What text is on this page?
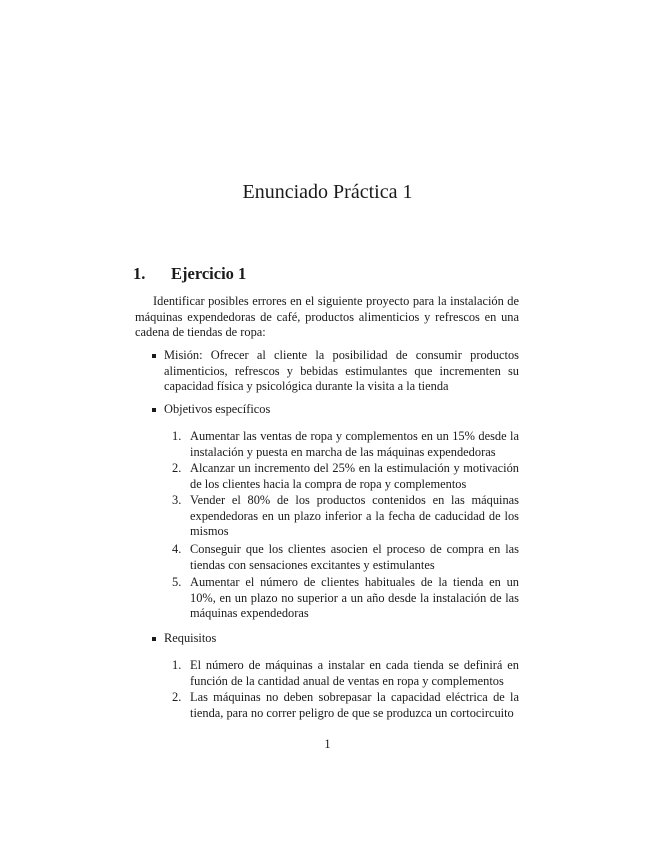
Enunciado Práctica 1
1. Ejercicio 1

Identificar posibles errores en el siguiente proyecto para la instalación de máquinas expendedoras de café, productos alimenticios y refrescos en una cadena de tiendas de ropa:

Misión: Ofrecer al cliente la posibilidad de consumir productos alimenticios, refrescos y bebidas estimulantes que incrementen su capacidad física y psicológica durante la visita a la tienda
Objetivos específicos
1. Aumentar las ventas de ropa y complementos en un 15% desde la instalación y puesta en marcha de las máquinas expendedoras
2. Alcanzar un incremento del 25% en la estimulación y motivación de los clientes hacia la compra de ropa y complementos
3. Vender el 80% de los productos contenidos en las máquinas expendedoras en un plazo inferior a la fecha de caducidad de los mismos
4. Conseguir que los clientes asocien el proceso de compra en las tiendas con sensaciones excitantes y estimulantes
5. Aumentar el número de clientes habituales de la tienda en un 10%, en un plazo no superior a un año desde la instalación de las máquinas expendedoras
Requisitos
1. El número de máquinas a instalar en cada tienda se definirá en función de la cantidad anual de ventas en ropa y complementos
2. Las máquinas no deben sobrepasar la capacidad eléctrica de la tienda, para no correr peligro de que se produzca un cortocircuito
1
